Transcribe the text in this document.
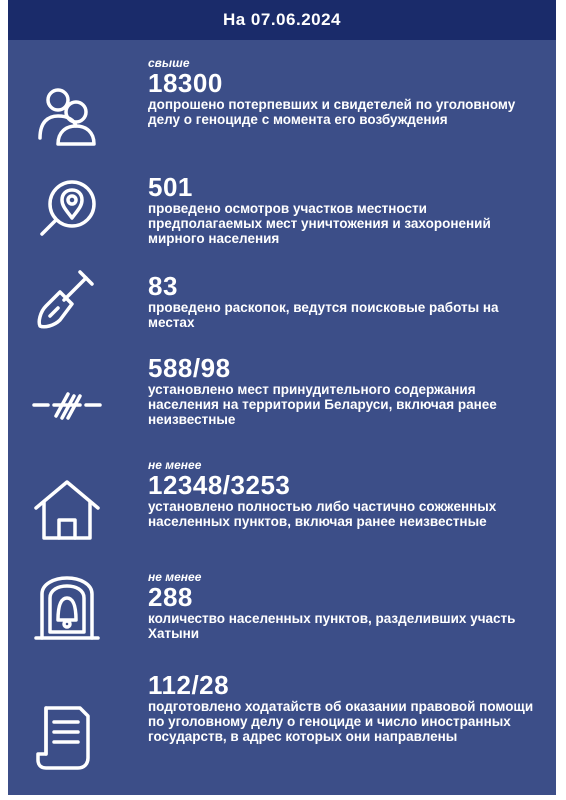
На 07.06.2024
свыше
18300
допрошено потерпевших и свидетелей по уголовному делу о геноциде с момента его возбуждения
501
проведено осмотров участков местности предполагаемых мест уничтожения и захоронений мирного населения
83
проведено раскопок, ведутся поисковые работы на местах
588/98
установлено мест принудительного содержания населения на территории Беларуси, включая ранее неизвестные
не менее
12348/3253
установлено полностью либо частично сожженных населенных пунктов, включая ранее неизвестные
не менее
288
количество населенных пунктов, разделивших участь Хатыни
112/28
подготовлено ходатайств об оказании правовой помощи по уголовному делу о геноциде и число иностранных государств, в адрес которых они направлены
